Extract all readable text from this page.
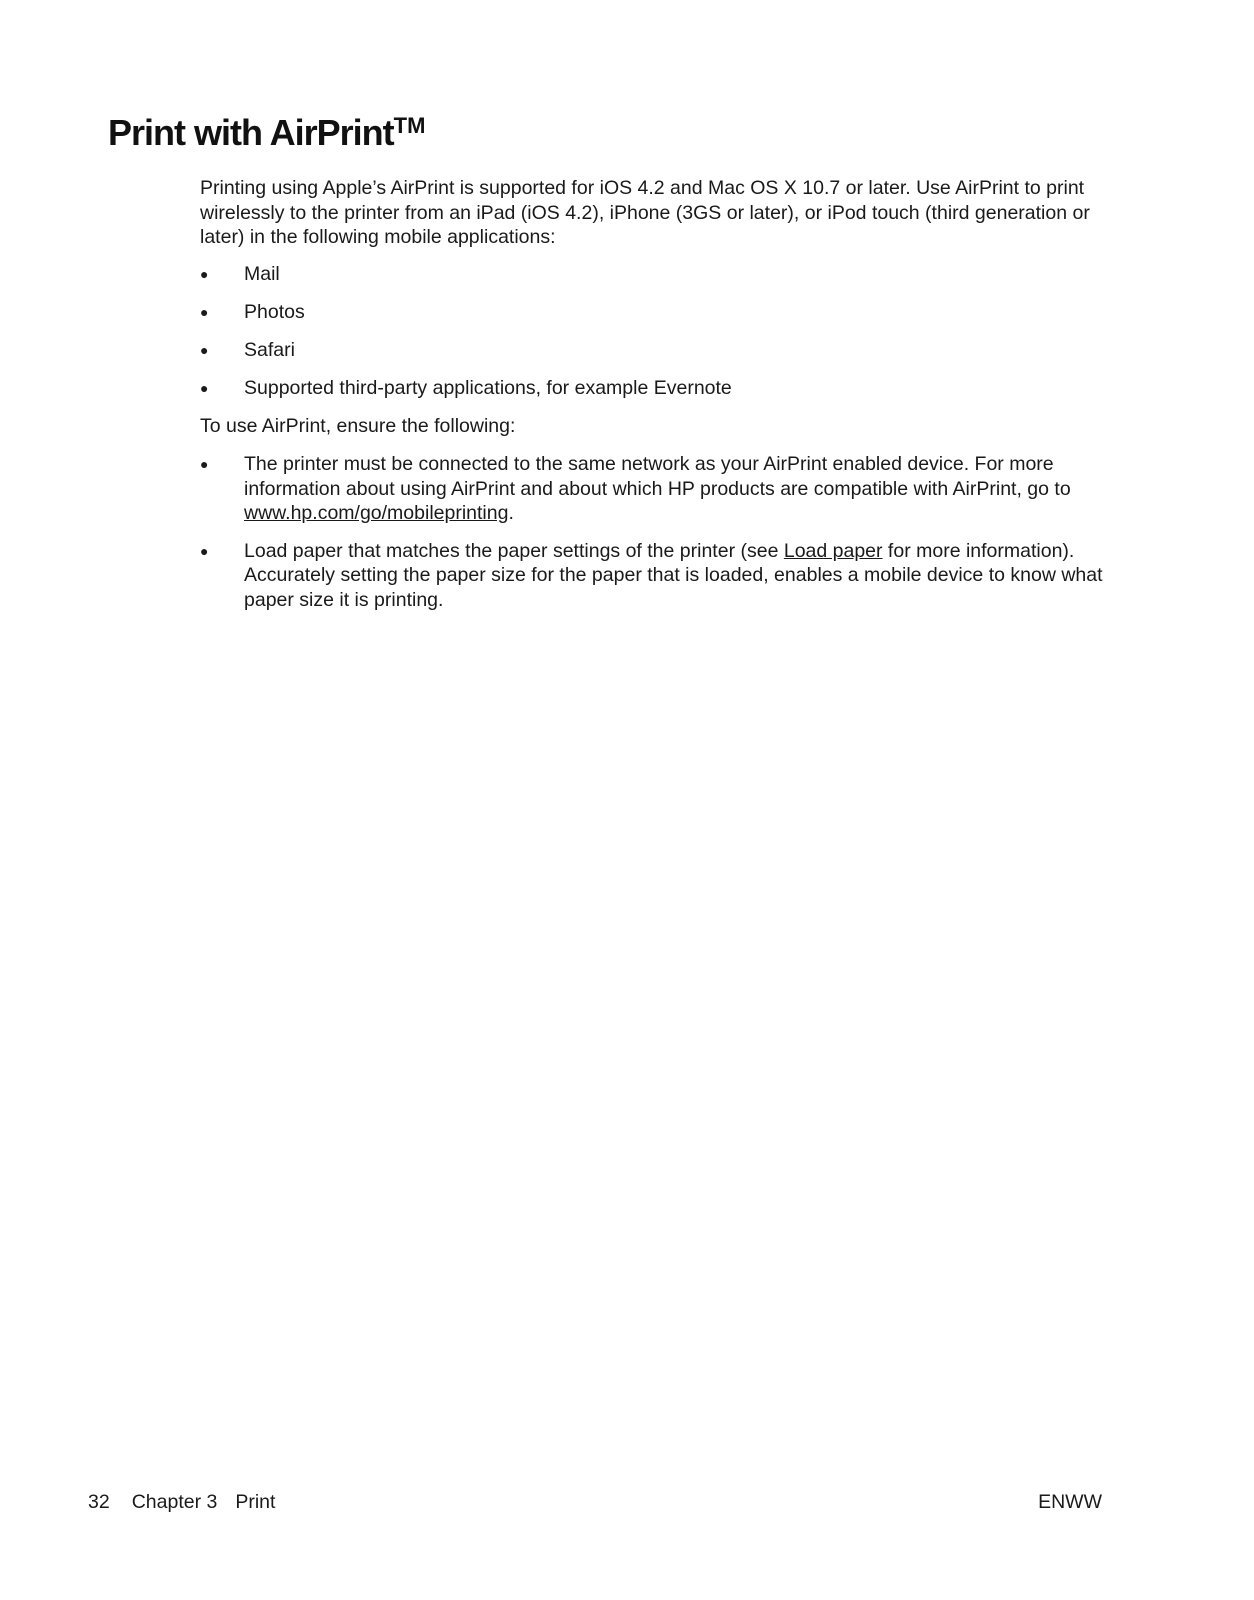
Print with AirPrint™

Printing using Apple’s AirPrint is supported for iOS 4.2 and Mac OS X 10.7 or later. Use AirPrint to print wirelessly to the printer from an iPad (iOS 4.2), iPhone (3GS or later), or iPod touch (third generation or later) in the following mobile applications:

●	Mail
●	Photos
●	Safari
●	Supported third-party applications, for example Evernote

To use AirPrint, ensure the following:

●	The printer must be connected to the same network as your AirPrint enabled device. For more information about using AirPrint and about which HP products are compatible with AirPrint, go to www.hp.com/go/mobileprinting.
●	Load paper that matches the paper settings of the printer (see Load paper for more information). Accurately setting the paper size for the paper that is loaded, enables a mobile device to know what paper size it is printing.
32 Chapter 3 Print	ENWW
